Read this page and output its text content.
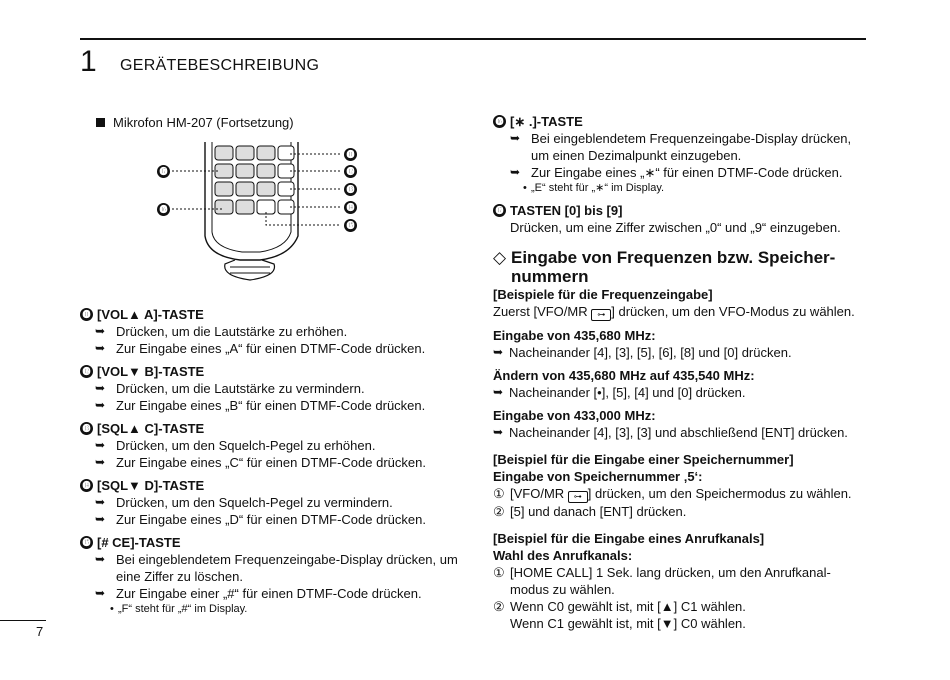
1 GERÄTEBESCHREIBUNG
Mikrofon HM-207 (Fortsetzung)
⓫
⓬
⓭
⓮
⓯
⓱
⓰
⓫ [VOL▲ A]-TASTE
➥ Drücken, um die Lautstärke zu erhöhen.
➥ Zur Eingabe eines „A“ für einen DTMF-Code drücken.
⓬ [VOL▼ B]-TASTE
➥ Drücken, um die Lautstärke zu vermindern.
➥ Zur Eingabe eines „B“ für einen DTMF-Code drücken.
⓭ [SQL▲ C]-TASTE
➥ Drücken, um den Squelch-Pegel zu erhöhen.
➥ Zur Eingabe eines „C“ für einen DTMF-Code drücken.
⓮ [SQL▼ D]-TASTE
➥ Drücken, um den Squelch-Pegel zu vermindern.
➥ Zur Eingabe eines „D“ für einen DTMF-Code drücken.
⓯ [# CE]-TASTE
➥ Bei eingeblendetem Frequenzeingabe-Display drücken, um eine Ziffer zu löschen.
➥ Zur Eingabe einer „#“ für einen DTMF-Code drücken.
• „F“ steht für „#“ im Display.
⓰ [∗ .]-TASTE
➥ Bei eingeblendetem Frequenzeingabe-Display drücken, um einen Dezimalpunkt einzugeben.
➥ Zur Eingabe eines „∗“ für einen DTMF-Code drücken.
• „E“ steht für „∗“ im Display.
⓱ TASTEN [0] bis [9]
Drücken, um eine Ziffer zwischen „0“ und „9“ einzugeben.
◇ Eingabe von Frequenzen bzw. Speicher-
nummern
[Beispiele für die Frequenzeingabe]
Zuerst [VFO/MR ⊶ ] drücken, um den VFO-Modus zu wählen.
Eingabe von 435,680 MHz:
➥ Nacheinander [4], [3], [5], [6], [8] und [0] drücken.
Ändern von 435,680 MHz auf 435,540 MHz:
➥ Nacheinander [•], [5], [4] und [0] drücken.
Eingabe von 433,000 MHz:
➥ Nacheinander [4], [3], [3] und abschließend [ENT] drücken.
[Beispiel für die Eingabe einer Speichernummer]
Eingabe von Speichernummer ‚5‘:
① [VFO/MR ⊶ ] drücken, um den Speichermodus zu wählen.
② [5] und danach [ENT] drücken.
[Beispiel für die Eingabe eines Anrufkanals]
Wahl des Anrufkanals:
① [HOME CALL] 1 Sek. lang drücken, um den Anrufkanal-modus zu wählen.
② Wenn C0 gewählt ist, mit [▲] C1 wählen.
Wenn C1 gewählt ist, mit [▼] C0 wählen.
7
